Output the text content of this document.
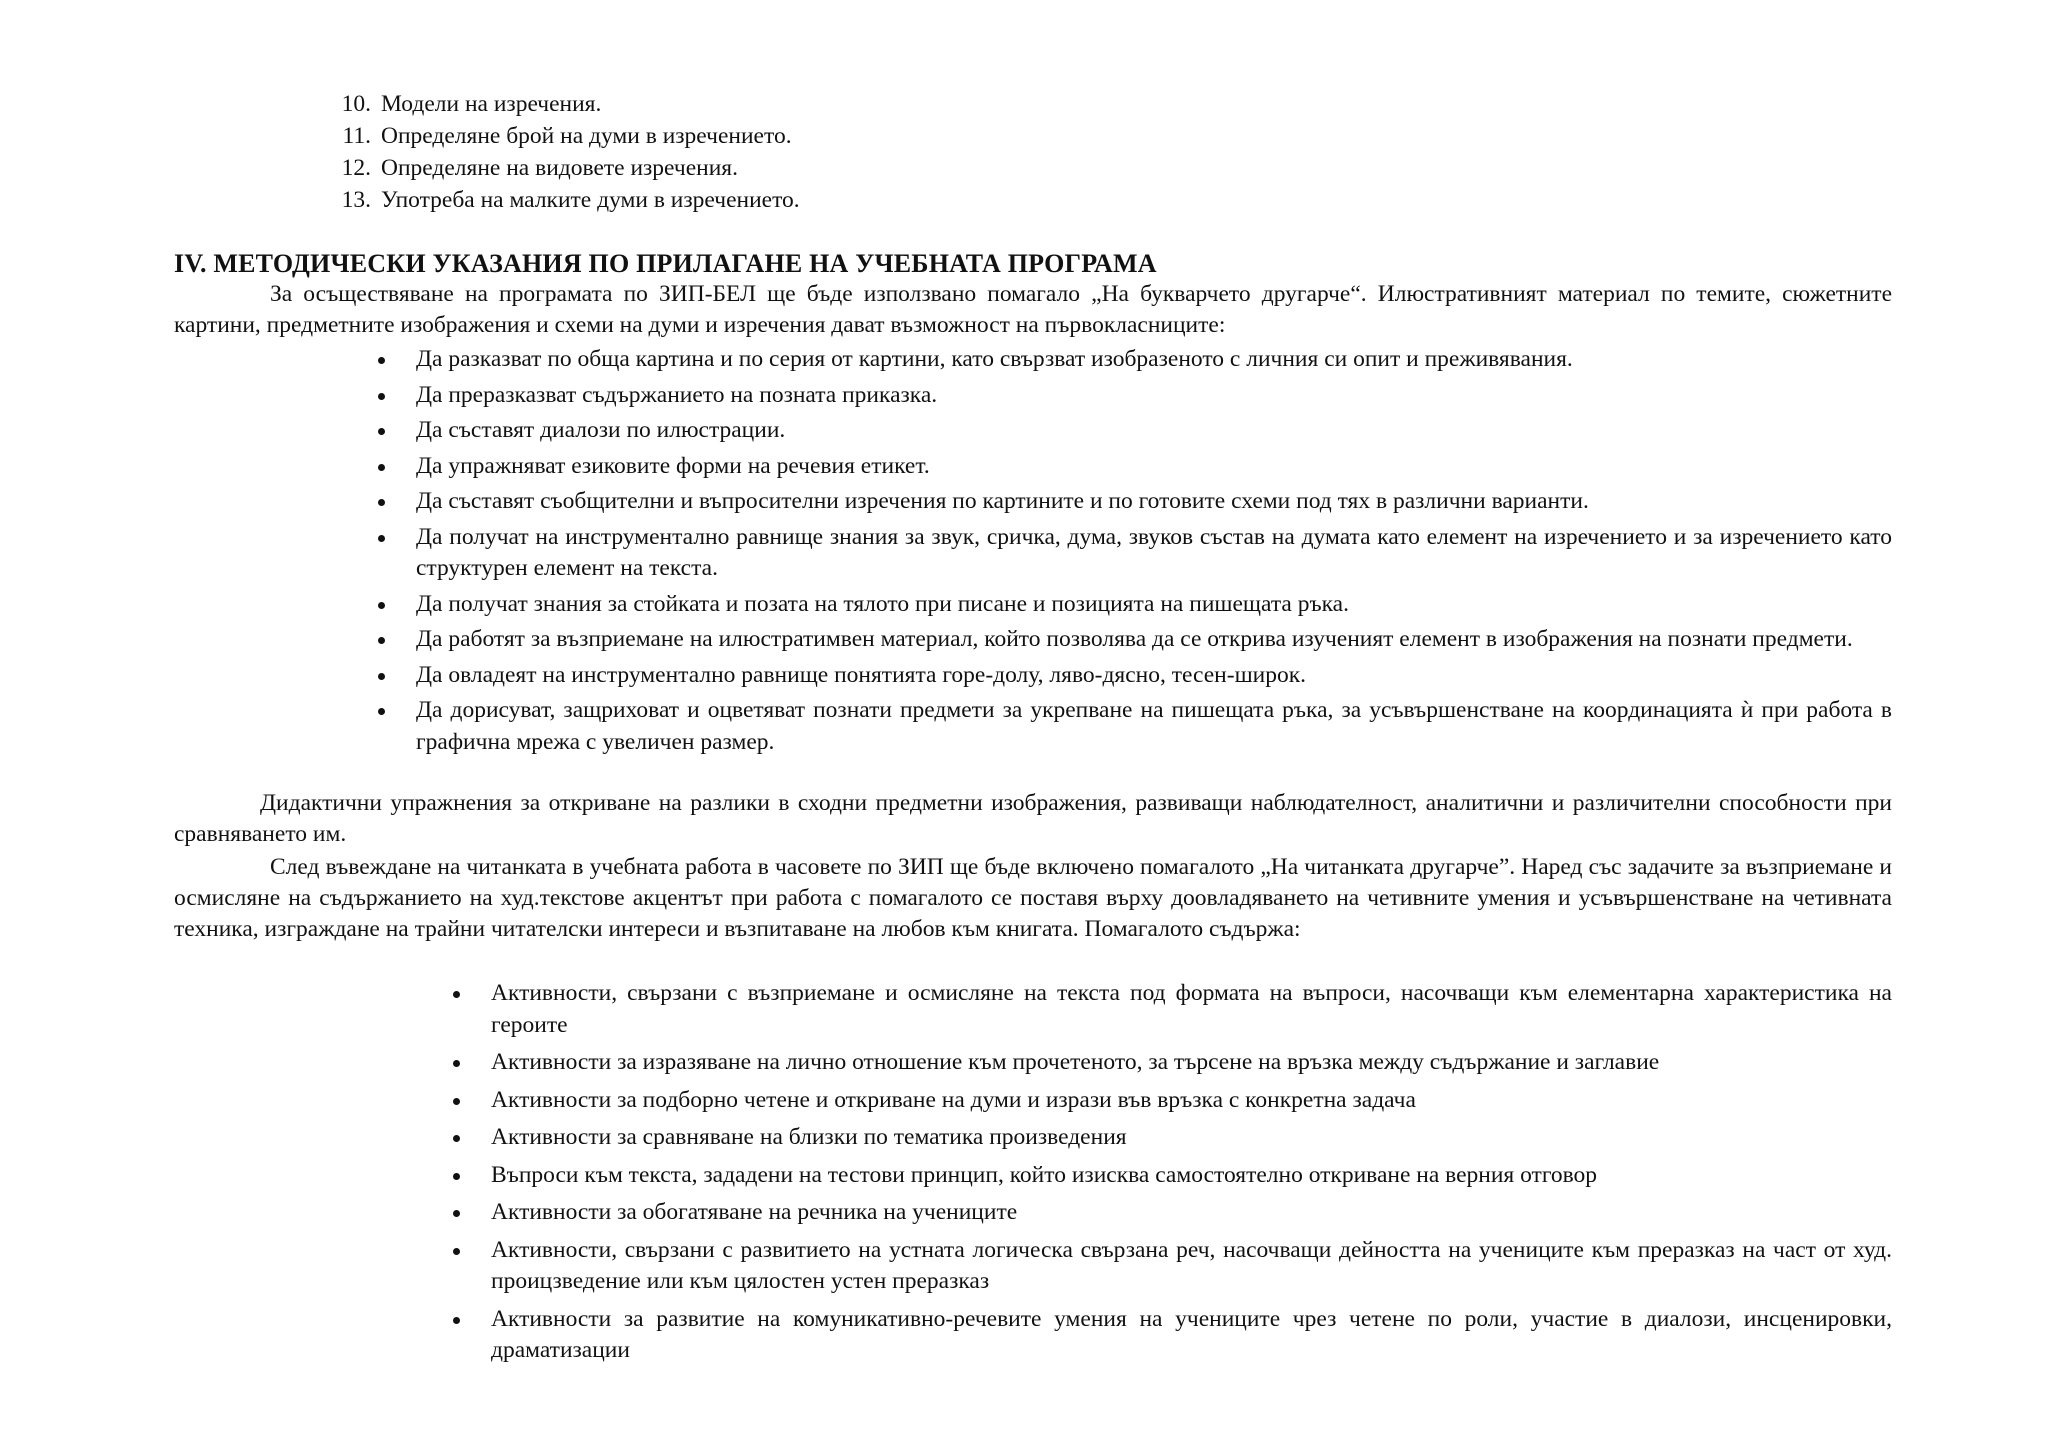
10. Модели на изречения.
11. Определяне брой на думи в изречението.
12. Определяне на видовете изречения.
13. Употреба на малките думи в изречението.
IV. МЕТОДИЧЕСКИ УКАЗАНИЯ ПО ПРИЛАГАНЕ НА УЧЕБНАТА ПРОГРАМА

За осъществяване на програмата по ЗИП-БЕЛ ще бъде използвано помагало „На букварчето другарче“. Илюстративният материал по темите, сюжетните картини, предметните изображения и схеми на думи и изречения дават възможност на първокласниците:

Да разказват по обща картина и по серия от картини, като свързват изобразеното с личния си опит и преживявания.
Да преразказват съдържанието на позната приказка.
Да съставят диалози по илюстрации.
Да упражняват езиковите форми на речевия етикет.
Да съставят съобщителни и въпросителни изречения по картините и по готовите схеми под тях в различни варианти.
Да получат на инструментално равнище знания за звук, сричка, дума, звуков състав на думата като елемент на изречението и за изречението като структурен елемент на текста.
Да получат знания за стойката и позата на тялото при писане и позицията на пишещата ръка.
Да работят за възприемане на илюстратимвен материал, който позволява да се открива изученият елемент в изображения на познати предмети.
Да овладеят на инструментално равнище понятията горе-долу, ляво-дясно, тесен-широк.
Да дорисуват, защриховат и оцветяват познати предмети за укрепване на пишещата ръка, за усъвършенстване на координацията ѝ при работа в графична мрежа с увеличен размер.

Дидактични упражнения за откриване на разлики в сходни предметни изображения, развиващи наблюдателност, аналитични и различителни способности при сравняването им.

След въвеждане на читанката в учебната работа в часовете по ЗИП ще бъде включено помагалото „На читанката другарче”. Наред със задачите за възприемане и осмисляне на съдържанието на худ.текстове акцентът при работа с помагалото се поставя върху доовладяването на четивните умения и усъвършенстване на четивната техника, изграждане на трайни читателски интереси и възпитаване на любов към книгата. Помагалото съдържа:

Активности, свързани с възприемане и осмисляне на текста под формата на въпроси, насочващи към елементарна характеристика на героите
Активности за изразяване на лично отношение към прочетеното, за търсене на връзка между съдържание и заглавие
Активности за подборно четене и откриване на думи и изрази във връзка с конкретна задача
Активности за сравняване на близки по тематика произведения
Въпроси към текста, зададени на тестови принцип, който изисква самостоятелно откриване на верния отговор
Активности за обогатяване на речника на учениците
Активности, свързани с развитието на устната логическа свързана реч, насочващи дейността на учениците към преразказ на част от худ. проицзведение или към цялостен устен преразказ
Активности за развитие на комуникативно-речевите умения на учениците чрез четене по роли, участие в диалози, инсценировки, драматизации
